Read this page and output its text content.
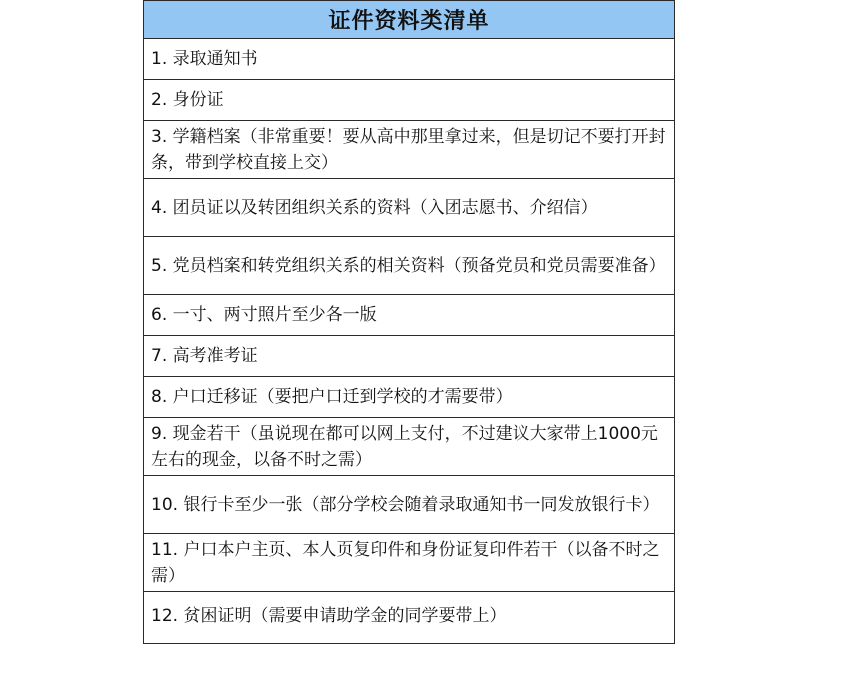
证件资料类清单
1. 录取通知书
2. 身份证
3. 学籍档案（非常重要！要从高中那里拿过来，但是切记不要打开封条，带到学校直接上交）
4. 团员证以及转团组织关系的资料（入团志愿书、介绍信）
5. 党员档案和转党组织关系的相关资料（预备党员和党员需要准备）
6. 一寸、两寸照片至少各一版
7. 高考准考证
8. 户口迁移证（要把户口迁到学校的才需要带）
9. 现金若干（虽说现在都可以网上支付，不过建议大家带上1000元左右的现金，以备不时之需）
10. 银行卡至少一张（部分学校会随着录取通知书一同发放银行卡）
11. 户口本户主页、本人页复印件和身份证复印件若干（以备不时之需）
12. 贫困证明（需要申请助学金的同学要带上）
